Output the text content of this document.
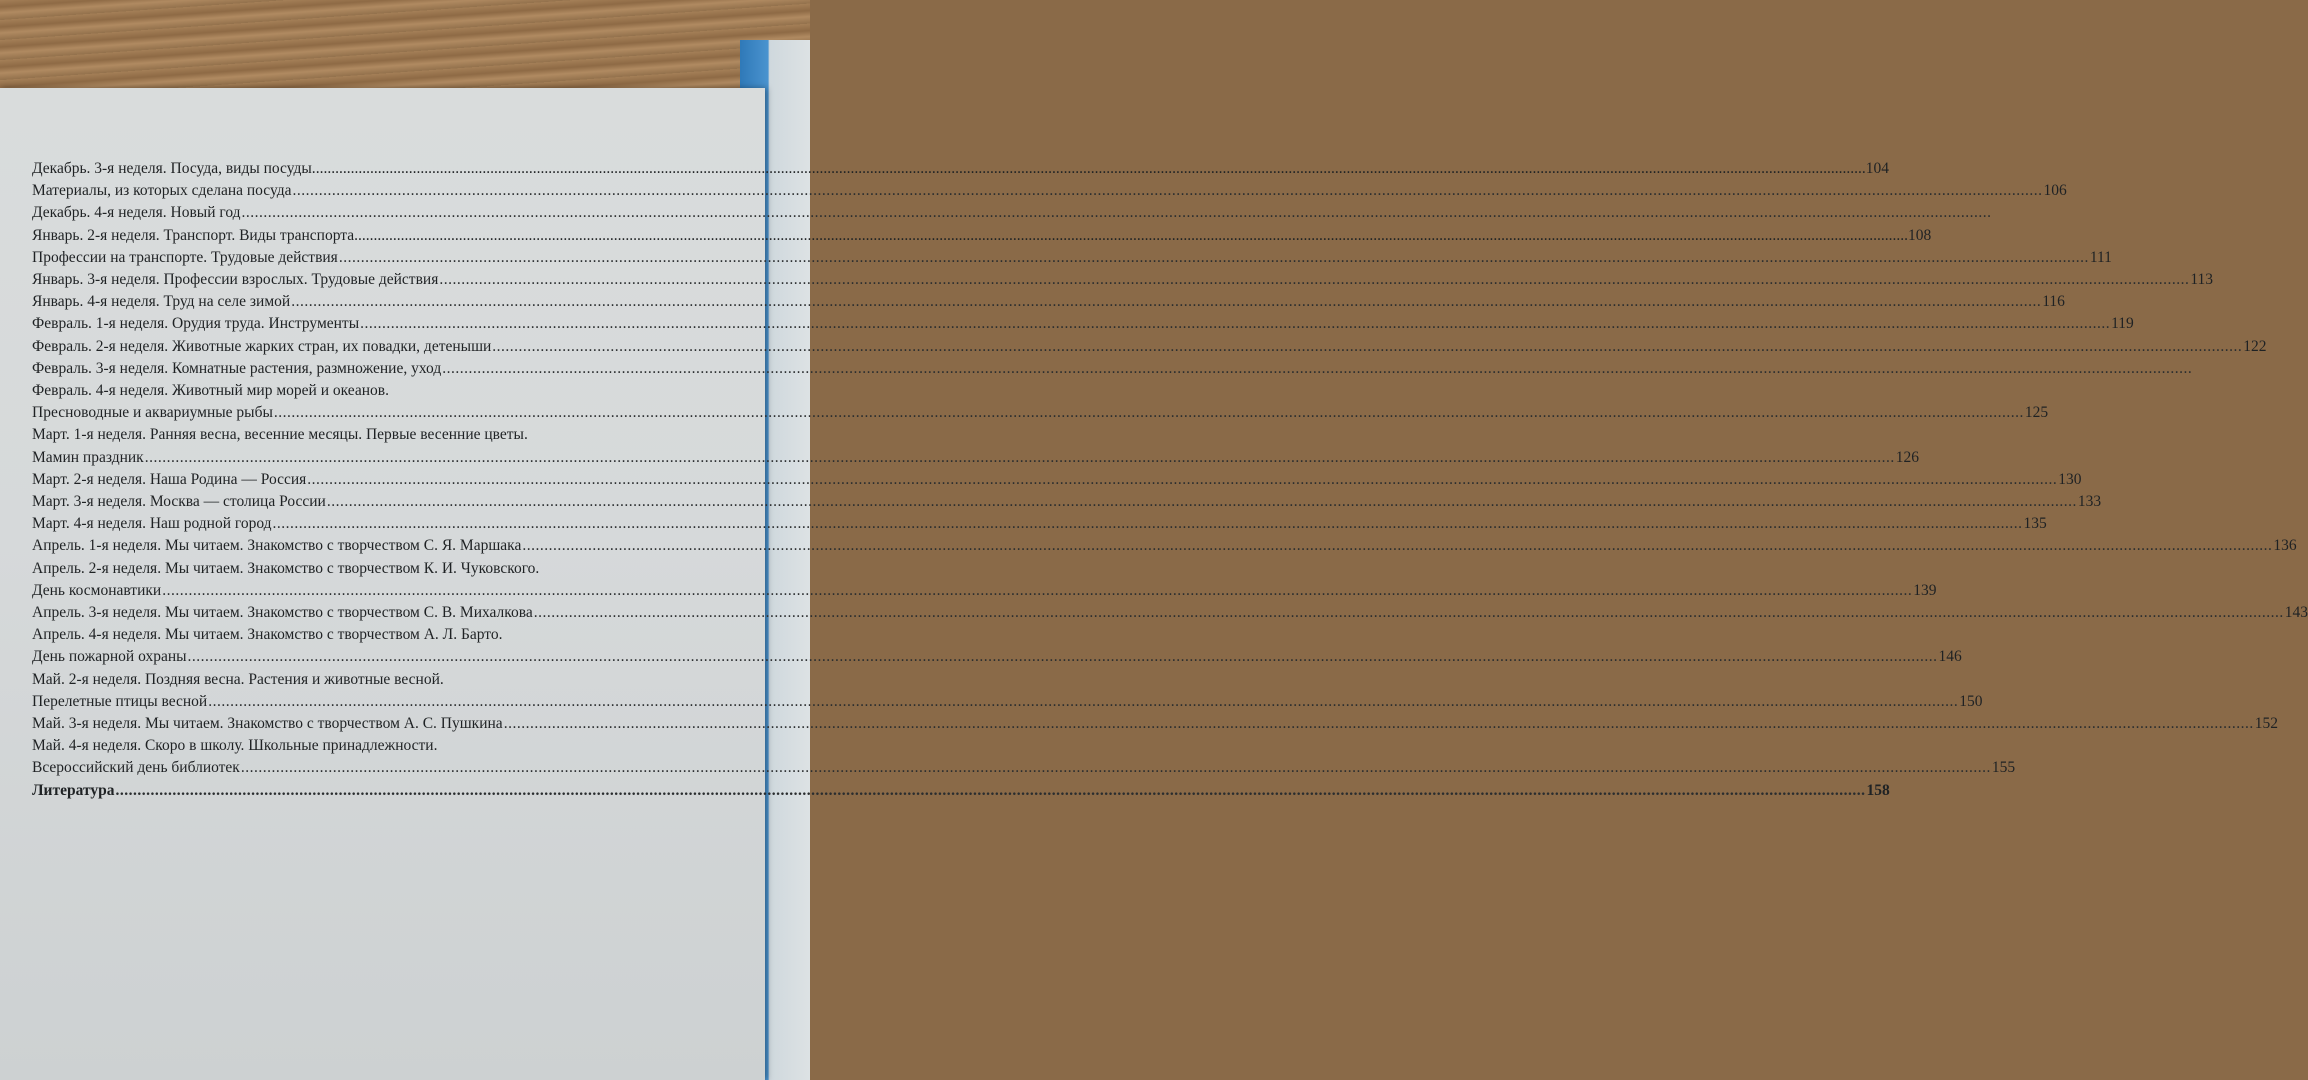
Декабрь. 3-я неделя. Посуда, виды посуды. ................................................................................................................................................................................................................................................................................................................................................................................................................ 104
Материалы, из которых сделана посуда ................................................................................................................................................................................................................................................................................................................................................................................................................ 106
Декабрь. 4-я неделя. Новый год ................................................................................................................................................................................................................................................................................................................................................................................................................
Январь. 2-я неделя. Транспорт. Виды транспорта. ................................................................................................................................................................................................................................................................................................................................................................................................................ 108
Профессии на транспорте. Трудовые действия ................................................................................................................................................................................................................................................................................................................................................................................................................ 111
Январь. 3-я неделя. Профессии взрослых. Трудовые действия ................................................................................................................................................................................................................................................................................................................................................................................................................ 113
Январь. 4-я неделя. Труд на селе зимой ................................................................................................................................................................................................................................................................................................................................................................................................................ 116
Февраль. 1-я неделя. Орудия труда. Инструменты ................................................................................................................................................................................................................................................................................................................................................................................................................ 119
Февраль. 2-я неделя. Животные жарких стран, их повадки, детеныши ................................................................................................................................................................................................................................................................................................................................................................................................................ 122
Февраль. 3-я неделя. Комнатные растения, размножение, уход ................................................................................................................................................................................................................................................................................................................................................................................................................
Февраль. 4-я неделя. Животный мир морей и океанов.
Пресноводные и аквариумные рыбы ................................................................................................................................................................................................................................................................................................................................................................................................................ 125
Март. 1-я неделя. Ранняя весна, весенние месяцы. Первые весенние цветы.
Мамин праздник ................................................................................................................................................................................................................................................................................................................................................................................................................ 126
Март. 2-я неделя. Наша Родина — Россия ................................................................................................................................................................................................................................................................................................................................................................................................................ 130
Март. 3-я неделя. Москва — столица России ................................................................................................................................................................................................................................................................................................................................................................................................................ 133
Март. 4-я неделя. Наш родной город ................................................................................................................................................................................................................................................................................................................................................................................................................ 135
Апрель. 1-я неделя. Мы читаем. Знакомство с творчеством С. Я. Маршака ................................................................................................................................................................................................................................................................................................................................................................................................................ 136
Апрель. 2-я неделя. Мы читаем. Знакомство с творчеством К. И. Чуковского.
День космонавтики ................................................................................................................................................................................................................................................................................................................................................................................................................ 139
Апрель. 3-я неделя. Мы читаем. Знакомство с творчеством С. В. Михалкова ................................................................................................................................................................................................................................................................................................................................................................................................................ 143
Апрель. 4-я неделя. Мы читаем. Знакомство с творчеством А. Л. Барто.
День пожарной охраны ................................................................................................................................................................................................................................................................................................................................................................................................................ 146
Май. 2-я неделя. Поздняя весна. Растения и животные весной.
Перелетные птицы весной ................................................................................................................................................................................................................................................................................................................................................................................................................ 150
Май. 3-я неделя. Мы читаем. Знакомство с творчеством А. С. Пушкина ................................................................................................................................................................................................................................................................................................................................................................................................................ 152
Май. 4-я неделя. Скоро в школу. Школьные принадлежности.
Всероссийский день библиотек ................................................................................................................................................................................................................................................................................................................................................................................................................ 155
Литература ................................................................................................................................................................................................................................................................................................................................................................................................................ 158
